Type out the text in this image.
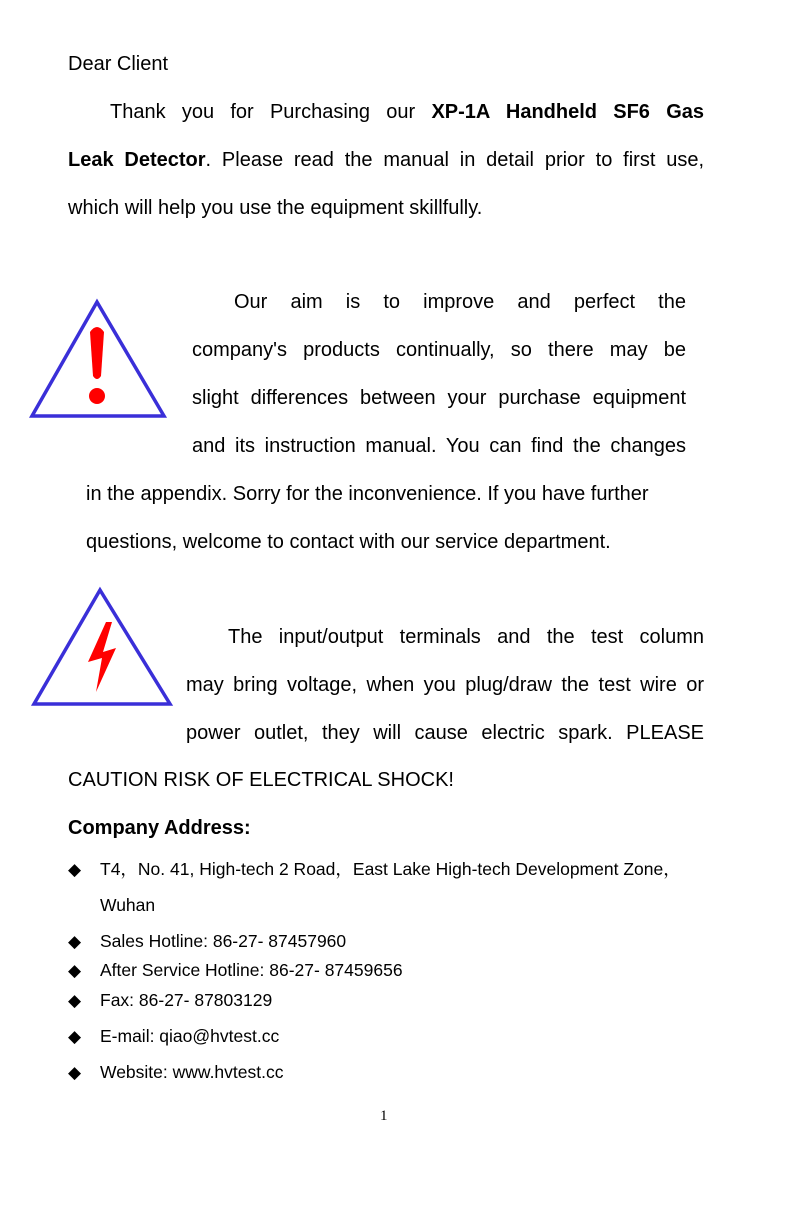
Dear Client
Thank you for Purchasing our XP-1A Handheld SF6 Gas
Leak Detector. Please read the manual in detail prior to first use,
which will help you use the equipment skillfully.
Our aim is to improve and perfect the
company's products continually, so there may be
slight differences between your purchase equipment
and its instruction manual. You can find the changes
in the appendix. Sorry for the inconvenience. If you have further
questions, welcome to contact with our service department.
The input/output terminals and the test column
may bring voltage, when you plug/draw the test wire or
power outlet, they will cause electric spark. PLEASE
CAUTION RISK OF ELECTRICAL SHOCK!
Company Address:
◆ T4，No. 41, High-tech 2 Road，East Lake High-tech Development Zone，
Wuhan
◆ Sales Hotline: 86-27- 87457960
◆ After Service Hotline: 86-27- 87459656
◆ Fax: 86-27- 87803129
◆ E-mail: qiao@hvtest.cc
◆ Website: www.hvtest.cc
1
